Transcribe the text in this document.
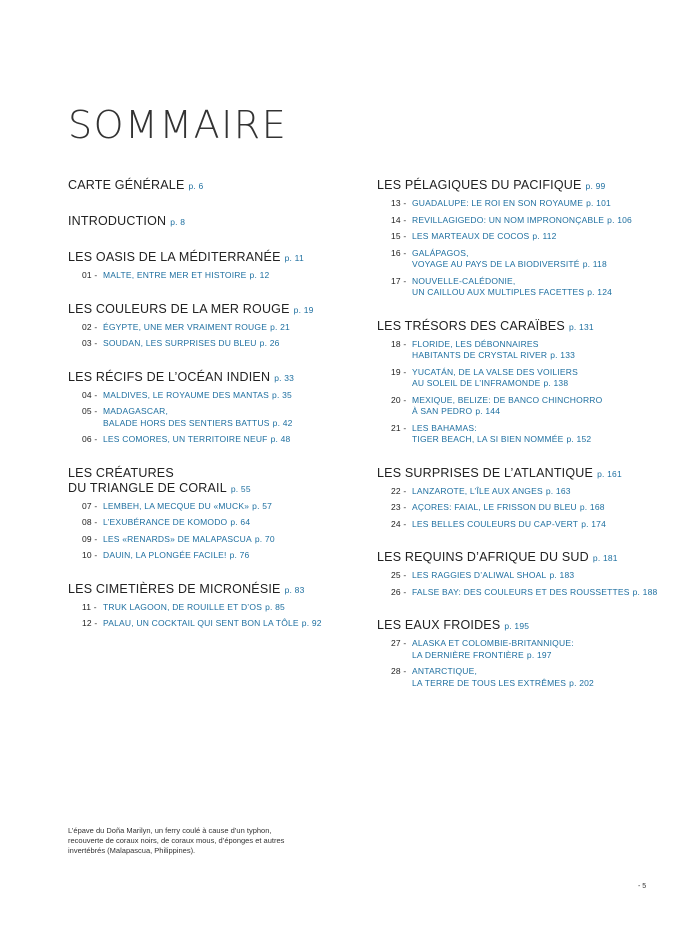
SOMMAIRE
CARTE GÉNÉRALE p. 6
INTRODUCTION p. 8
LES OASIS DE LA MÉDITERRANÉE p. 11
01 - MALTE, ENTRE MER ET HISTOIRE p. 12
LES COULEURS DE LA MER ROUGE p. 19
02 - ÉGYPTE, UNE MER VRAIMENT ROUGE p. 21
03 - SOUDAN, LES SURPRISES DU BLEU p. 26
LES RÉCIFS DE L’OCÉAN INDIEN p. 33
04 - MALDIVES, LE ROYAUME DES MANTAS p. 35
05 - MADAGASCAR,
BALADE HORS DES SENTIERS BATTUS p. 42
06 - LES COMORES, UN TERRITOIRE NEUF p. 48
LES CRÉATURES
DU TRIANGLE DE CORAIL p. 55
07 - LEMBEH, LA MECQUE DU «MUCK» p. 57
08 - L’EXUBÉRANCE DE KOMODO p. 64
09 - LES «RENARDS» DE MALAPASCUA p. 70
10 - DAUIN, LA PLONGÉE FACILE! p. 76
LES CIMETIÈRES DE MICRONÉSIE p. 83
11 - TRUK LAGOON, DE ROUILLE ET D’OS p. 85
12 - PALAU, UN COCKTAIL QUI SENT BON LA TÔLE p. 92
LES PÉLAGIQUES DU PACIFIQUE p. 99
13 - GUADALUPE: LE ROI EN SON ROYAUME p. 101
14 - REVILLAGIGEDO: UN NOM IMPRONONÇABLE p. 106
15 - LES MARTEAUX DE COCOS p. 112
16 - GALÁPAGOS,
VOYAGE AU PAYS DE LA BIODIVERSITÉ p. 118
17 - NOUVELLE-CALÉDONIE,
UN CAILLOU AUX MULTIPLES FACETTES p. 124
LES TRÉSORS DES CARAÏBES p. 131
18 - FLORIDE, LES DÉBONNAIRES
HABITANTS DE CRYSTAL RIVER p. 133
19 - YUCATÁN, DE LA VALSE DES VOILIERS
AU SOLEIL DE L’INFRAMONDE p. 138
20 - MEXIQUE, BELIZE: DE BANCO CHINCHORRO
À SAN PEDRO p. 144
21 - LES BAHAMAS:
TIGER BEACH, LA SI BIEN NOMMÉE p. 152
LES SURPRISES DE L’ATLANTIQUE p. 161
22 - LANZAROTE, L’ÎLE AUX ANGES p. 163
23 - AÇORES: FAIAL, LE FRISSON DU BLEU p. 168
24 - LES BELLES COULEURS DU CAP-VERT p. 174
LES REQUINS D’AFRIQUE DU SUD p. 181
25 - LES RAGGIES D’ALIWAL SHOAL p. 183
26 - FALSE BAY: DES COULEURS ET DES ROUSSETTES p. 188
LES EAUX FROIDES p. 195
27 - ALASKA ET COLOMBIE-BRITANNIQUE:
LA DERNIÈRE FRONTIÈRE p. 197
28 - ANTARCTIQUE,
LA TERRE DE TOUS LES EXTRÊMES p. 202
L’épave du Doña Marilyn, un ferry coulé à cause d’un typhon, recouverte de coraux noirs, de coraux mous, d’éponges et autres invertébrés (Malapascua, Philippines).
- 5
